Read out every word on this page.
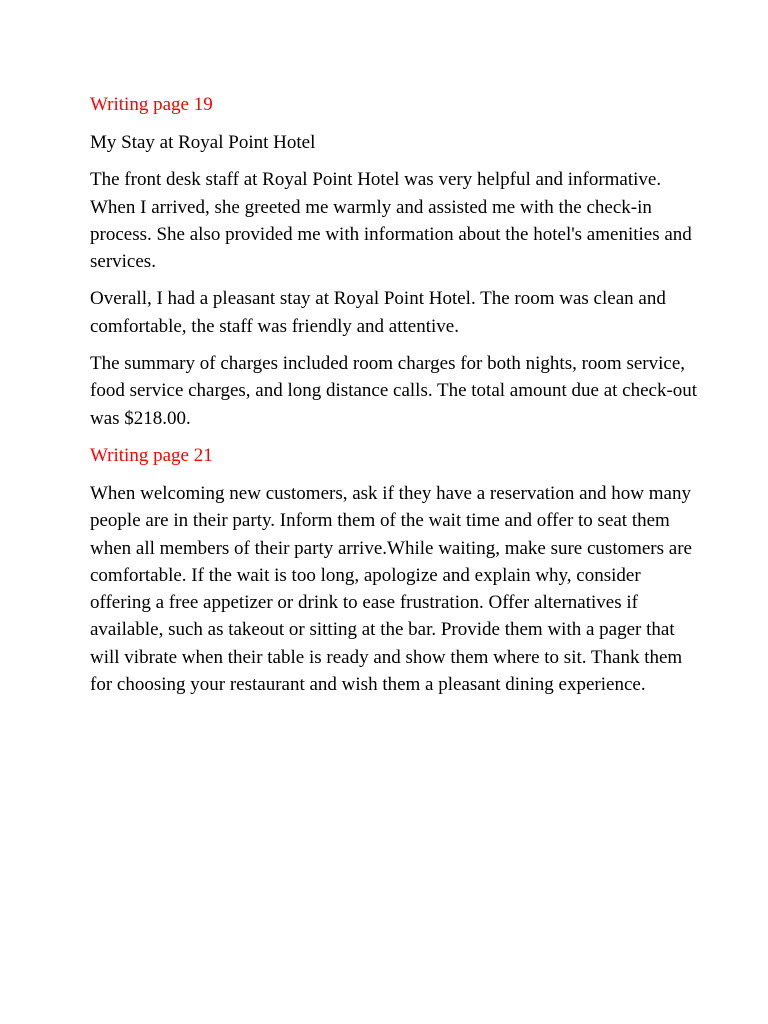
Writing page 19

My Stay at Royal Point Hotel

The front desk staff at Royal Point Hotel was very helpful and informative. When I arrived, she greeted me warmly and assisted me with the check-in process. She also provided me with information about the hotel's amenities and services.

Overall, I had a pleasant stay at Royal Point Hotel. The room was clean and comfortable, the staff was friendly and attentive.

The summary of charges included room charges for both nights, room service, food service charges, and long distance calls. The total amount due at check-out was $218.00.

Writing page 21

When welcoming new customers, ask if they have a reservation and how many people are in their party. Inform them of the wait time and offer to seat them when all members of their party arrive.While waiting, make sure customers are comfortable. If the wait is too long, apologize and explain why, consider offering a free appetizer or drink to ease frustration. Offer alternatives if available, such as takeout or sitting at the bar. Provide them with a pager that will vibrate when their table is ready and show them where to sit. Thank them for choosing your restaurant and wish them a pleasant dining experience.
